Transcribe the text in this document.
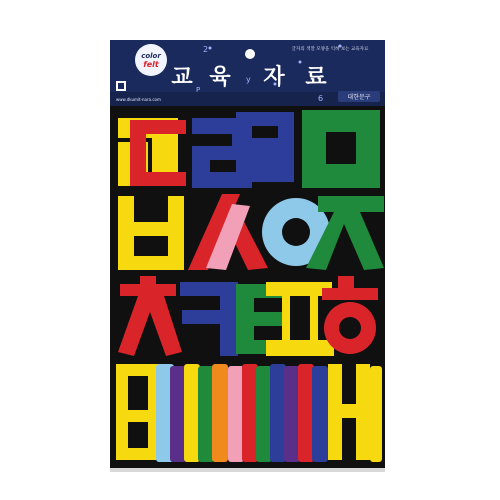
color
felt
교 육 자 료
2
6
y
P
글자의 색깔 모양을 익혀 보는 교육자료
www.dkumit-nara.com	대한문구
